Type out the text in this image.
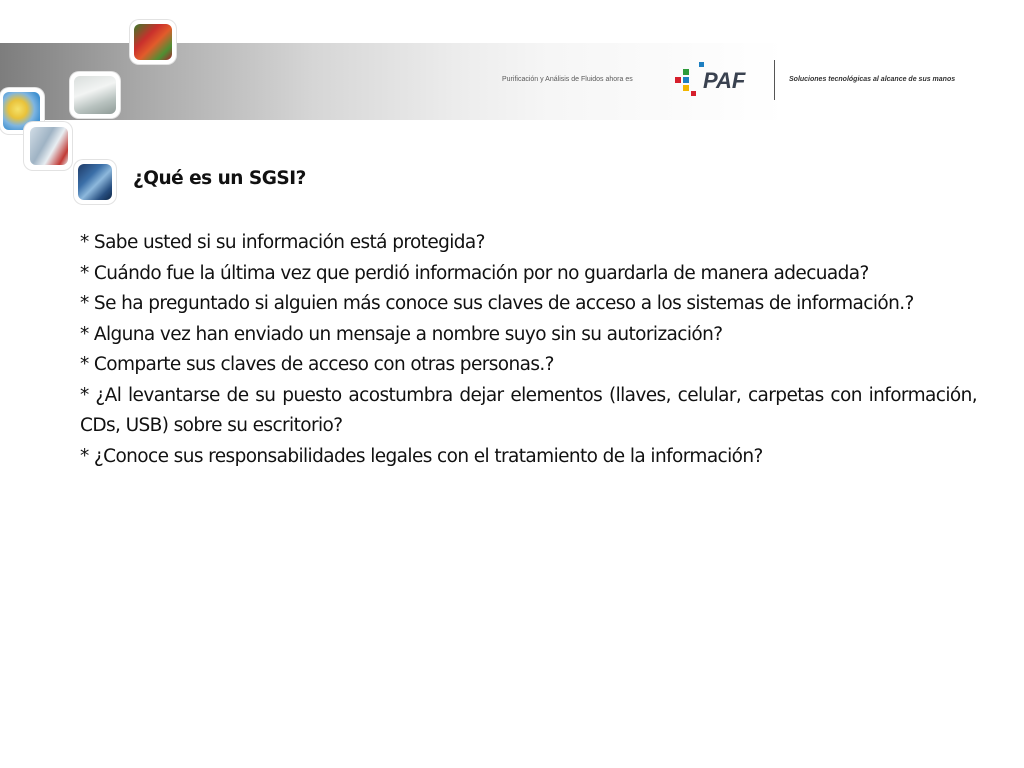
Purificación y Análisis de Fluidos ahora es	PAF	Soluciones tecnológicas al alcance de sus manos
¿Qué es un SGSI?

* Sabe usted si su información está protegida?

* Cuándo fue la última vez que perdió información por no guardarla de manera adecuada?

* Se ha preguntado si alguien más conoce sus claves de acceso a los sistemas de información.?

* Alguna vez han enviado un mensaje a nombre suyo sin su autorización?

* Comparte sus claves de acceso con otras personas.?

* ¿Al levantarse de su puesto acostumbra dejar elementos (llaves, celular, carpetas con información, CDs, USB) sobre su escritorio?

* ¿Conoce sus responsabilidades legales con el tratamiento de la información?
